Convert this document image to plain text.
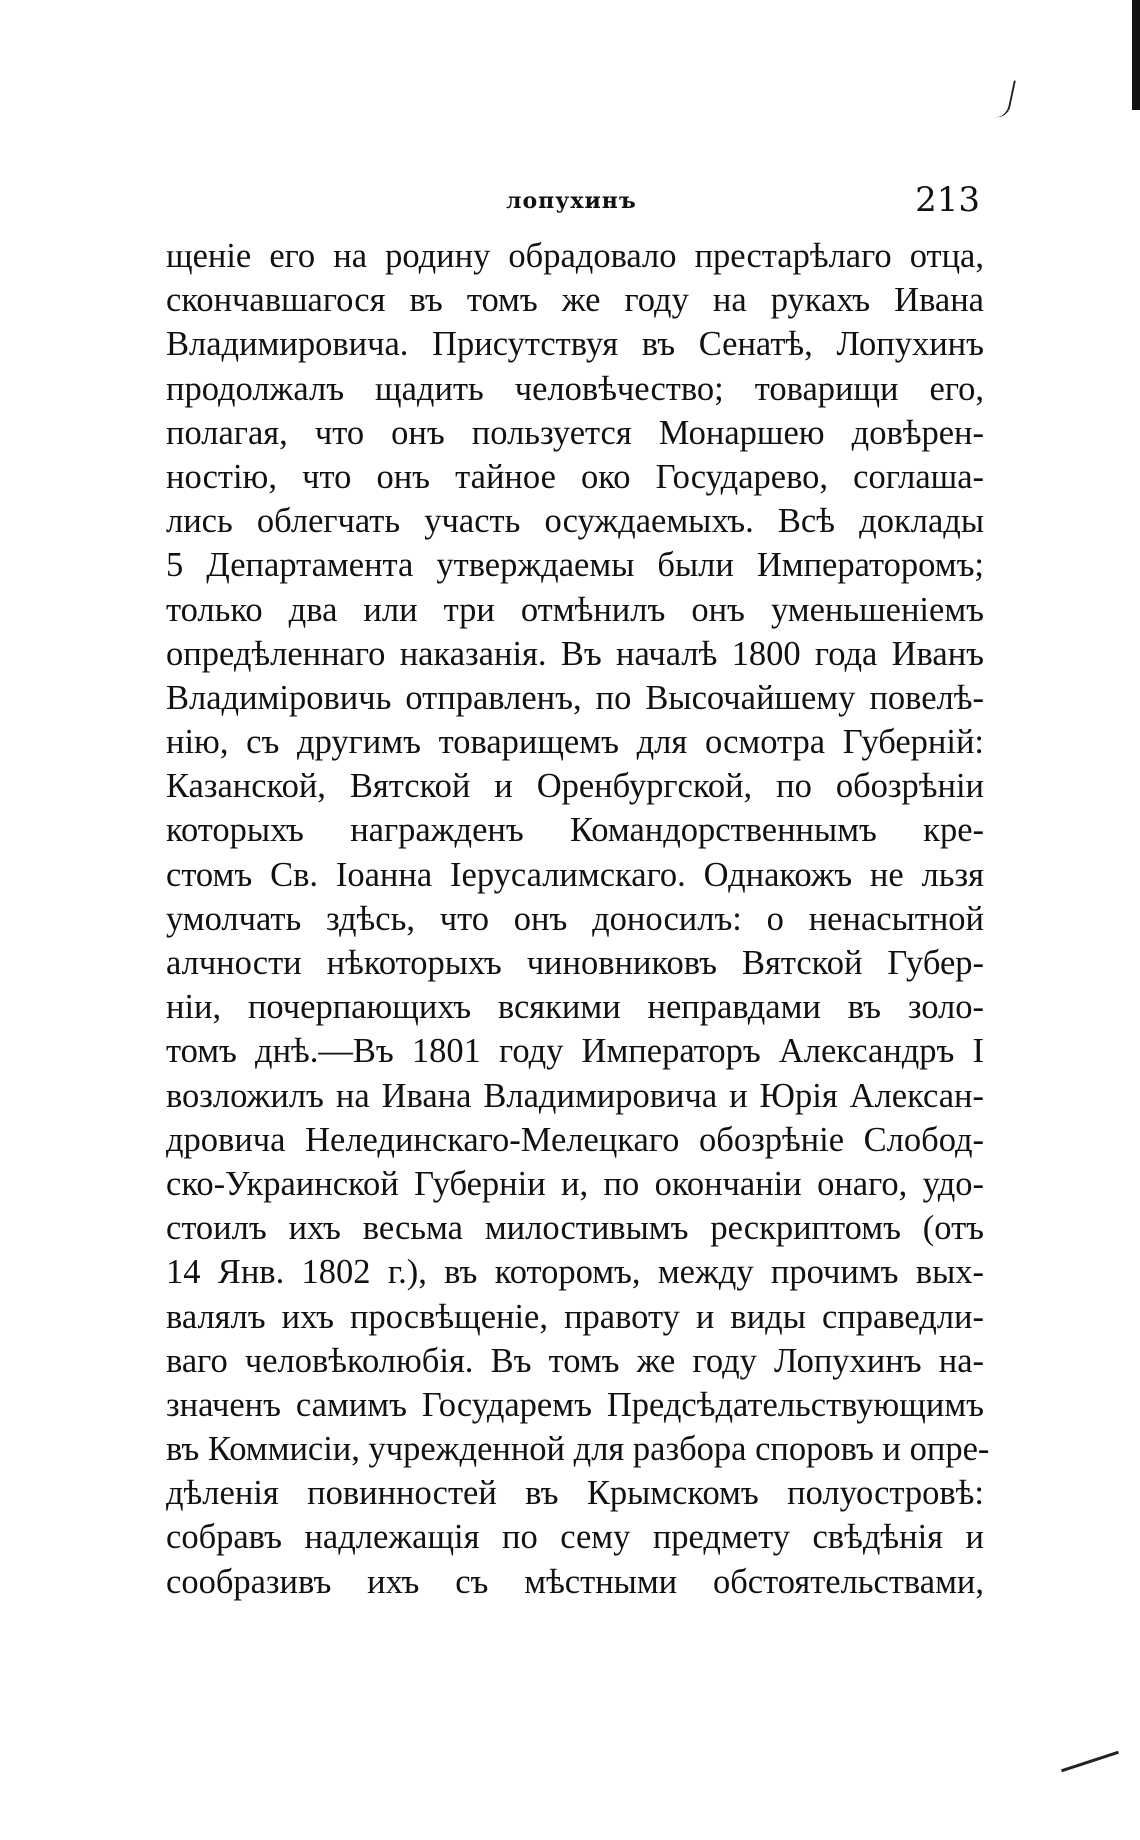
лопухинъ	213
щеніе его на родину обрадовало престарѣлаго отца,
скончавшагося въ томъ же году на рукахъ Ивана
Владимировича. Присутствуя въ Сенатѣ, Лопухинъ
продолжалъ щадить человѣчество; товарищи его,
полагая, что онъ пользуется Монаршею довѣрен-
ностію, что онъ тайное око Государево, соглаша-
лись облегчать участь осуждаемыхъ. Всѣ доклады
5 Департамента утверждаемы были Императоромъ;
только два или три отмѣнилъ онъ уменьшеніемъ
опредѣленнаго наказанія. Въ началѣ 1800 года Иванъ
Владиміровичь отправленъ, по Высочайшему повелѣ-
нію, съ другимъ товарищемъ для осмотра Губерній:
Казанской, Вятской и Оренбургской, по обозрѣніи
которыхъ награжденъ Командорственнымъ кре-
стомъ Св. Іоанна Іерусалимскаго. Однакожъ не льзя
умолчать здѣсь, что онъ доносилъ: о ненасытной
алчности нѣкоторыхъ чиновниковъ Вятской Губер-
ніи, почерпающихъ всякими неправдами въ золо-
томъ днѣ.—Въ 1801 году Императоръ Александръ I
возложилъ на Ивана Владимировича и Юрія Алексан-
дровича Нелединскаго-Мелецкаго обозрѣніе Слобод-
ско-Украинской Губерніи и, по окончаніи онаго, удо-
стоилъ ихъ весьма милостивымъ рескриптомъ (отъ
14 Янв. 1802 г.), въ которомъ, между прочимъ вых-
валялъ ихъ просвѣщеніе, правоту и виды справедли-
ваго человѣколюбія. Въ томъ же году Лопухинъ на-
значенъ самимъ Государемъ Предсѣдательствующимъ
въ Коммисіи, учрежденной для разбора споровъ и опре-
дѣленія повинностей въ Крымскомъ полуостровѣ:
собравъ надлежащія по сему предмету свѣдѣнія и
сообразивъ ихъ съ мѣстными обстоятельствами,
